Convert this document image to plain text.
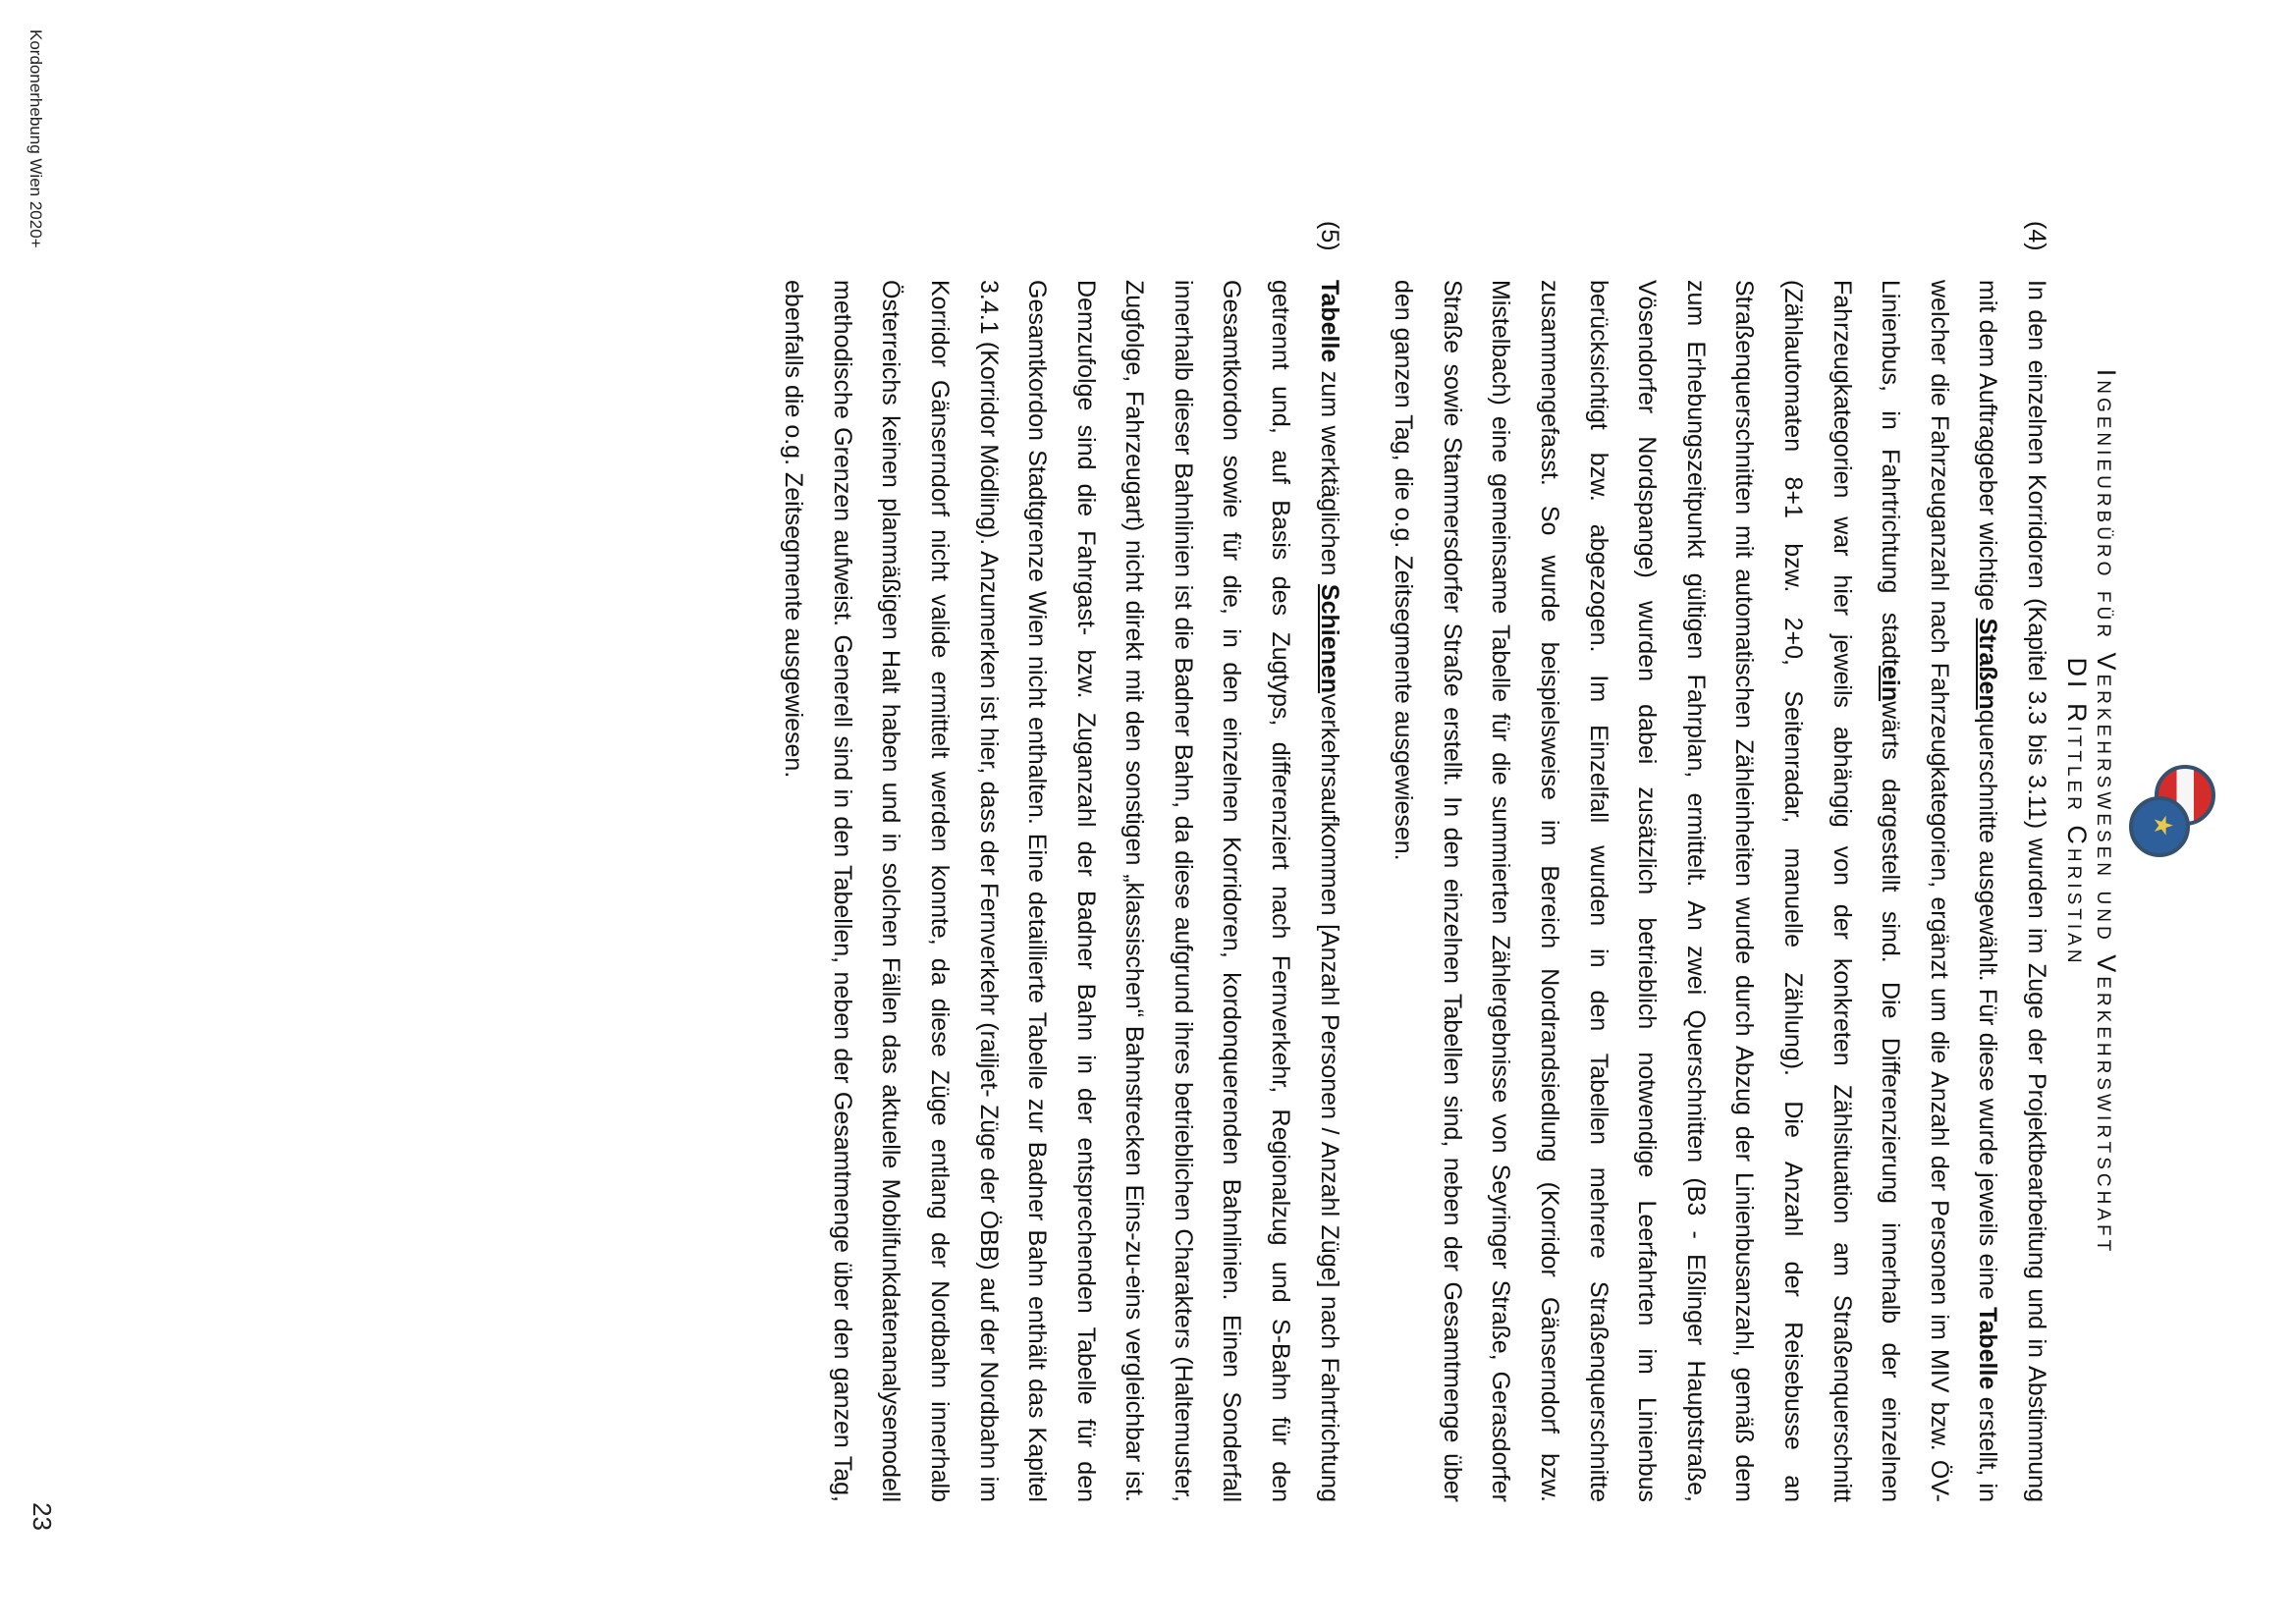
★
Ingenieurbüro für Verkehrswesen und Verkehrswirtschaft
DI Rittler Christian
(4)
In den einzelnen Korridoren (Kapitel 3.3 bis 3.11) wurden im Zuge der Projektbearbeitung und in Abstimmung mit dem Auftraggeber wichtige Straßenquerschnitte ausgewählt. Für diese wurde jeweils eine Tabelle erstellt, in welcher die Fahrzeuganzahl nach Fahrzeugkategorien, ergänzt um die Anzahl der Personen im MIV bzw. ÖV-Linienbus, in Fahrtrichtung stadteinwärts dargestellt sind. Die Differenzierung innerhalb der einzelnen Fahrzeugkategorien war hier jeweils abhängig von der konkreten Zählsituation am Straßenquerschnitt (Zählautomaten 8+1 bzw. 2+0, Seitenradar, manuelle Zählung). Die Anzahl der Reisebusse an Straßenquerschnitten mit automatischen Zähleinheiten wurde durch Abzug der Linienbusanzahl, gemäß dem zum Erhebungszeitpunkt gültigen Fahrplan, ermittelt. An zwei Querschnitten (B3 - Eßlinger Hauptstraße, Vösendorfer Nordspange) wurden dabei zusätzlich betrieblich notwendige Leerfahrten im Linienbus berücksichtigt bzw. abgezogen. Im Einzelfall wurden in den Tabellen mehrere Straßenquerschnitte zusammengefasst. So wurde beispielsweise im Bereich Nordrandsiedlung (Korridor Gänserndorf bzw. Mistelbach) eine gemeinsame Tabelle für die summierten Zählergebnisse von Seyringer Straße, Gerasdorfer Straße sowie Stammersdorfer Straße erstellt. In den einzelnen Tabellen sind, neben der Gesamtmenge über den ganzen Tag, die o.g. Zeitsegmente ausgewiesen.
(5)
Tabelle zum werktäglichen Schienenverkehrsaufkommen [Anzahl Personen / Anzahl Züge] nach Fahrtrichtung getrennt und, auf Basis des Zugtyps, differenziert nach Fernverkehr, Regionalzug und S-Bahn für den Gesamtkordon sowie für die, in den einzelnen Korridoren, kordonquerenden Bahnlinien. Einen Sonderfall innerhalb dieser Bahnlinien ist die Badner Bahn, da diese aufgrund ihres betrieblichen Charakters (Haltemuster, Zugfolge, Fahrzeugart) nicht direkt mit den sonstigen „klassischen“ Bahnstrecken Eins-zu-eins vergleichbar ist. Demzufolge sind die Fahrgast- bzw. Zuganzahl der Badner Bahn in der entsprechenden Tabelle für den Gesamtkordon Stadtgrenze Wien nicht enthalten. Eine detaillierte Tabelle zur Badner Bahn enthält das Kapitel 3.4.1 (Korridor Mödling). Anzumerken ist hier, dass der Fernverkehr (railjet- Züge der ÖBB) auf der Nordbahn im Korridor Gänserndorf nicht valide ermittelt werden konnte, da diese Züge entlang der Nordbahn innerhalb Österreichs keinen planmäßigen Halt haben und in solchen Fällen das aktuelle Mobilfunkdatenanalysemodell methodische Grenzen aufweist. Generell sind in den Tabellen, neben der Gesamtmenge über den ganzen Tag, ebenfalls die o.g. Zeitsegmente ausgewiesen.
Kordonerhebung Wien 2020+
23
